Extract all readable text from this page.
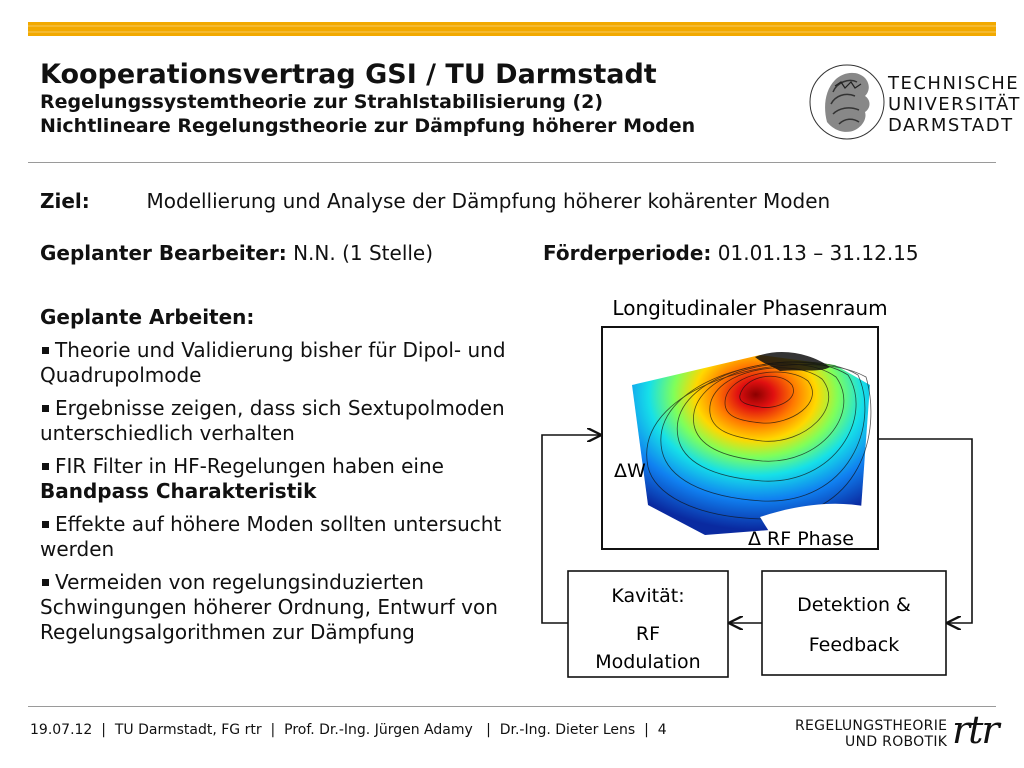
Kooperationsvertrag GSI / TU Darmstadt
Regelungssystemtheorie zur Strahlstabilisierung (2)
Nichtlineare Regelungstheorie zur Dämpfung höherer Moden
TECHNISCHE
UNIVERSITÄT
DARMSTADT
Ziel:	Modellierung und Analyse der Dämpfung höherer kohärenter Moden
Geplanter Bearbeiter: N.N. (1 Stelle)	Förderperiode: 01.01.13 – 31.12.15
Geplante Arbeiten:
Theorie und Validierung bisher für Dipol- und Quadrupolmode
Ergebnisse zeigen, dass sich Sextupolmoden unterschiedlich verhalten
FIR Filter in HF-Regelungen haben eine Bandpass Charakteristik
Effekte auf höhere Moden sollten untersucht werden
Vermeiden von regelungsinduzierten Schwingungen höherer Ordnung, Entwurf von Regelungsalgorithmen zur Dämpfung
Longitudinaler Phasenraum
ΔW
Δ RF Phase
Kavität:
RF
Modulation
Detektion &
Feedback
19.07.12  |  TU Darmstadt, FG rtr  |  Prof. Dr.-Ing. Jürgen Adamy   |  Dr.-Ing. Dieter Lens  |  4	REGELUNGSTHEORIE
UND ROBOTIK rtr
